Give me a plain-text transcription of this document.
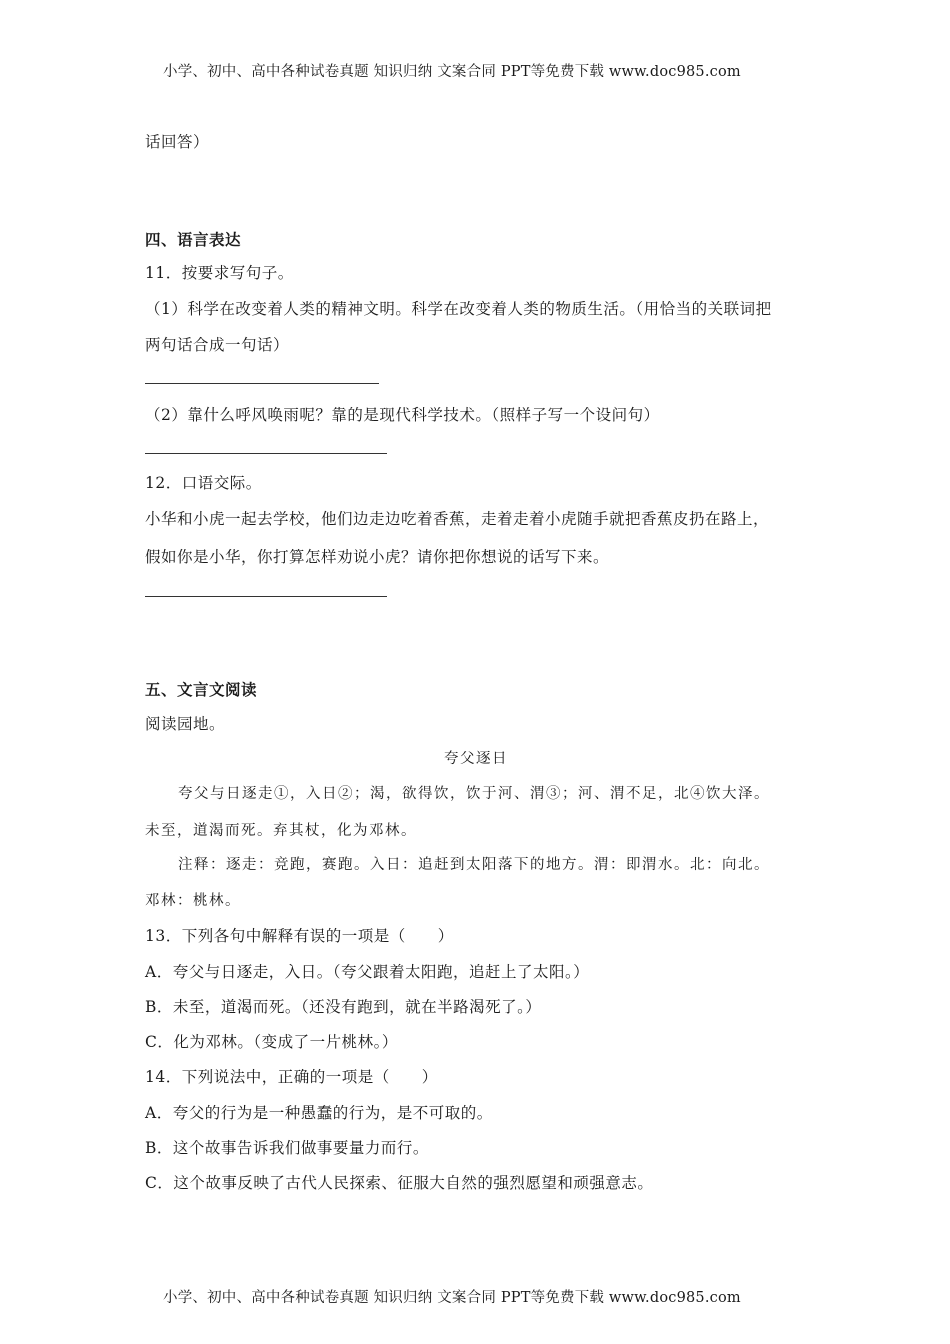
小学、初中、高中各种试卷真题 知识归纳 文案合同 PPT等免费下载 www.doc985.com
话回答）
四、语言表达
11．按要求写句子。
（1）科学在改变着人类的精神文明。科学在改变着人类的物质生活。（用恰当的关联词把
两句话合成一句话）
（2）靠什么呼风唤雨呢？靠的是现代科学技术。（照样子写一个设问句）
12．口语交际。
小华和小虎一起去学校，他们边走边吃着香蕉，走着走着小虎随手就把香蕉皮扔在路上，
假如你是小华，你打算怎样劝说小虎？请你把你想说的话写下来。
五、文言文阅读
阅读园地。
夸父逐日
夸父与日逐走①，入日②；渴，欲得饮，饮于河、渭③；河、渭不足，北④饮大泽。
未至，道渴而死。弃其杖，化为邓林。
注释：逐走：竞跑，赛跑。入日：追赶到太阳落下的地方。渭：即渭水。北：向北。
邓林：桃林。
13．下列各句中解释有误的一项是（　　）
A．夸父与日逐走，入日。（夸父跟着太阳跑，追赶上了太阳。）
B．未至，道渴而死。（还没有跑到，就在半路渴死了。）
C．化为邓林。（变成了一片桃林。）
14．下列说法中，正确的一项是（　　）
A．夸父的行为是一种愚蠢的行为，是不可取的。
B．这个故事告诉我们做事要量力而行。
C．这个故事反映了古代人民探索、征服大自然的强烈愿望和顽强意志。
小学、初中、高中各种试卷真题 知识归纳 文案合同 PPT等免费下载 www.doc985.com
